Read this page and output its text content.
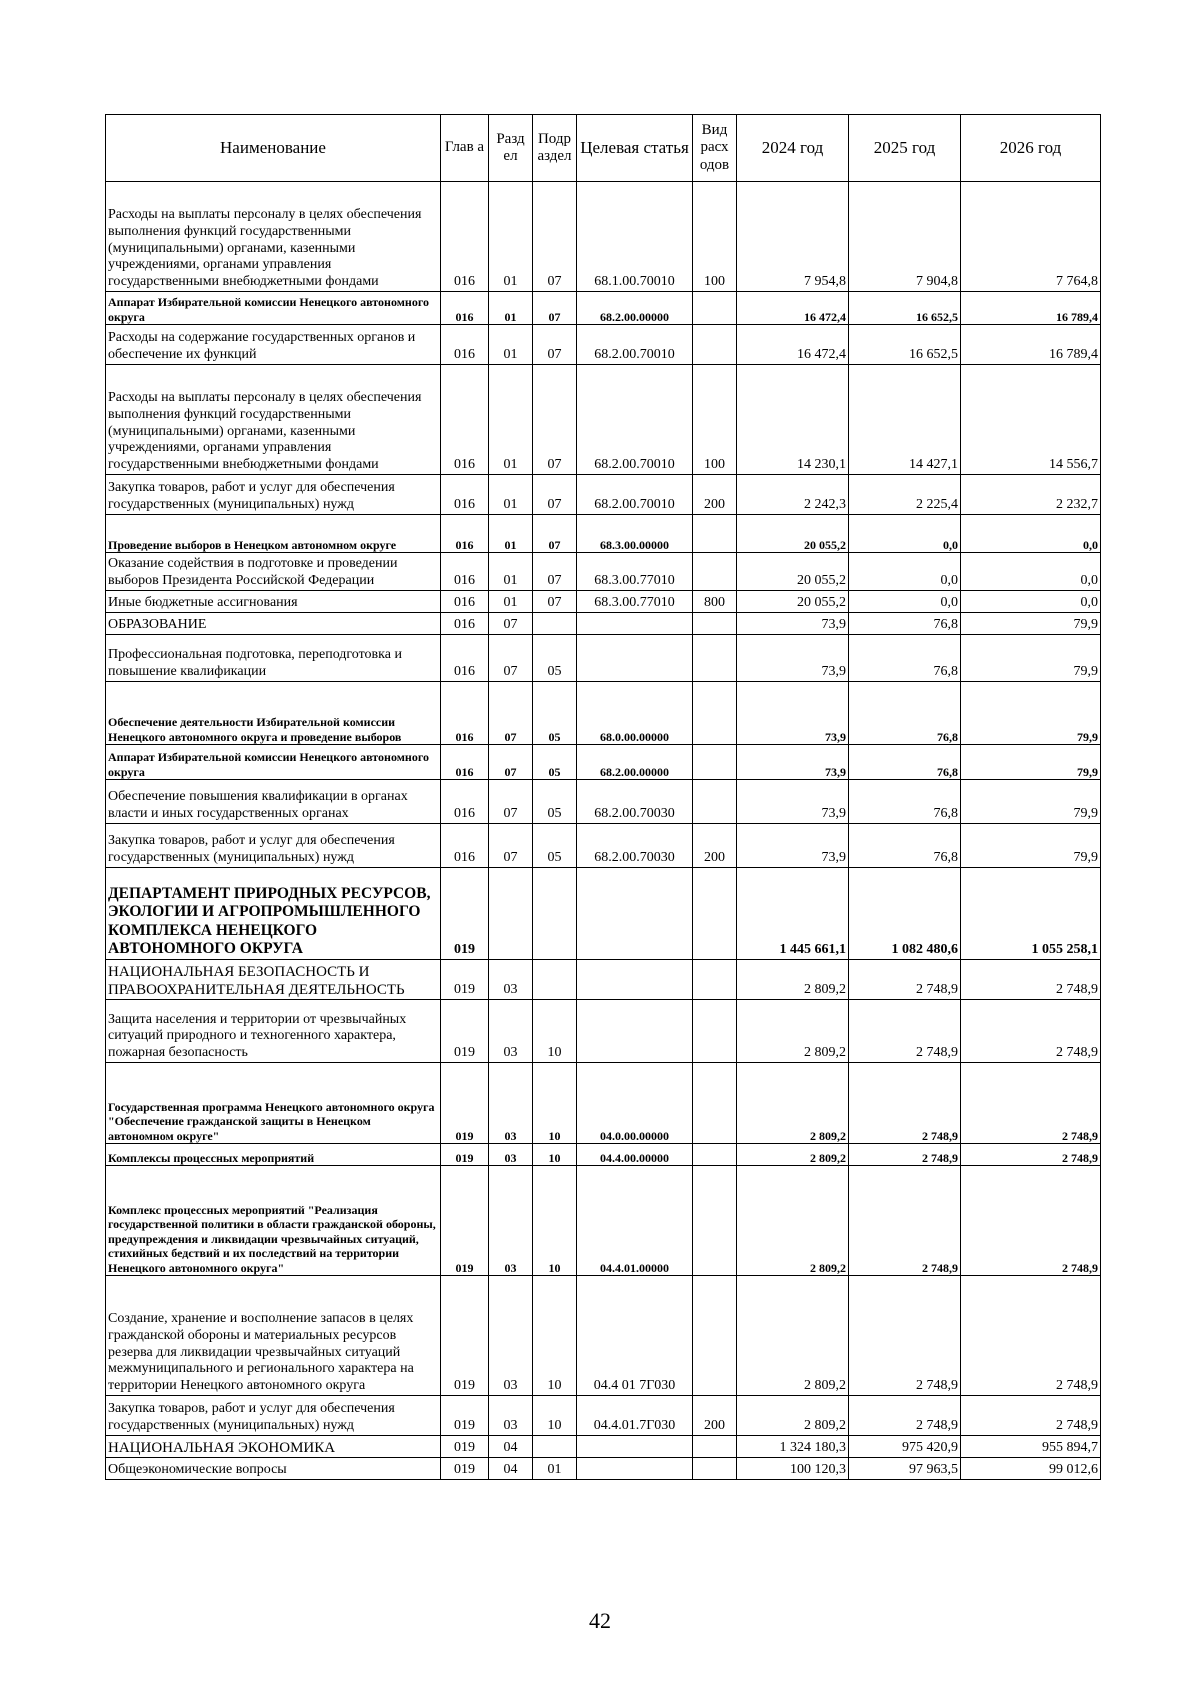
Наименование	Глав а	Разд ел	Подр аздел	Целевая статья	Вид расх одов	2024 год	2025 год	2026 год
Расходы на выплаты персоналу в целях обеспечения выполнения функций государственными (муниципальными) органами, казенными учреждениями, органами управления государственными внебюджетными фондами	016	01	07	68.1.00.70010	100	7 954,8	7 904,8	7 764,8
Аппарат Избирательной комиссии Ненецкого автономного округа	016	01	07	68.2.00.00000		16 472,4	16 652,5	16 789,4
Расходы на содержание государственных органов и обеспечение их функций	016	01	07	68.2.00.70010		16 472,4	16 652,5	16 789,4
Расходы на выплаты персоналу в целях обеспечения выполнения функций государственными (муниципальными) органами, казенными учреждениями, органами управления государственными внебюджетными фондами	016	01	07	68.2.00.70010	100	14 230,1	14 427,1	14 556,7
Закупка товаров, работ и услуг для обеспечения государственных (муниципальных) нужд	016	01	07	68.2.00.70010	200	2 242,3	2 225,4	2 232,7
Проведение выборов в Ненецком автономном округе	016	01	07	68.3.00.00000		20 055,2	0,0	0,0
Оказание содействия в подготовке и проведении выборов Президента Российской Федерации	016	01	07	68.3.00.77010		20 055,2	0,0	0,0
Иные бюджетные ассигнования	016	01	07	68.3.00.77010	800	20 055,2	0,0	0,0
ОБРАЗОВАНИЕ	016	07				73,9	76,8	79,9
Профессиональная подготовка, переподготовка и повышение квалификации	016	07	05			73,9	76,8	79,9
Обеспечение деятельности Избирательной комиссии Ненецкого автономного округа и проведение выборов	016	07	05	68.0.00.00000		73,9	76,8	79,9
Аппарат Избирательной комиссии Ненецкого автономного округа	016	07	05	68.2.00.00000		73,9	76,8	79,9
Обеспечение повышения квалификации в органах власти и иных государственных органах	016	07	05	68.2.00.70030		73,9	76,8	79,9
Закупка товаров, работ и услуг для обеспечения государственных (муниципальных) нужд	016	07	05	68.2.00.70030	200	73,9	76,8	79,9
ДЕПАРТАМЕНТ ПРИРОДНЫХ РЕСУРСОВ, ЭКОЛОГИИ И АГРОПРОМЫШЛЕННОГО КОМПЛЕКСА НЕНЕЦКОГО АВТОНОМНОГО ОКРУГА	019					1 445 661,1	1 082 480,6	1 055 258,1
НАЦИОНАЛЬНАЯ БЕЗОПАСНОСТЬ И ПРАВООХРАНИТЕЛЬНАЯ ДЕЯТЕЛЬНОСТЬ	019	03				2 809,2	2 748,9	2 748,9
Защита населения и территории от чрезвычайных ситуаций природного и техногенного характера, пожарная безопасность	019	03	10			2 809,2	2 748,9	2 748,9
Государственная программа Ненецкого автономного округа "Обеспечение гражданской защиты в Ненецком автономном округе"	019	03	10	04.0.00.00000		2 809,2	2 748,9	2 748,9
Комплексы процессных мероприятий	019	03	10	04.4.00.00000		2 809,2	2 748,9	2 748,9
Комплекс процессных мероприятий "Реализация государственной политики в области гражданской обороны, предупреждения и ликвидации чрезвычайных ситуаций, стихийных бедствий и их последствий на территории Ненецкого автономного округа"	019	03	10	04.4.01.00000		2 809,2	2 748,9	2 748,9
Создание, хранение и восполнение запасов в целях гражданской обороны и материальных ресурсов резерва для ликвидации чрезвычайных ситуаций межмуниципального и регионального характера на территории Ненецкого автономного округа	019	03	10	04.4 01 7Г030		2 809,2	2 748,9	2 748,9
Закупка товаров, работ и услуг для обеспечения государственных (муниципальных) нужд	019	03	10	04.4.01.7Г030	200	2 809,2	2 748,9	2 748,9
НАЦИОНАЛЬНАЯ ЭКОНОМИКА	019	04				1 324 180,3	975 420,9	955 894,7
Общеэкономические вопросы	019	04	01			100 120,3	97 963,5	99 012,6
42
